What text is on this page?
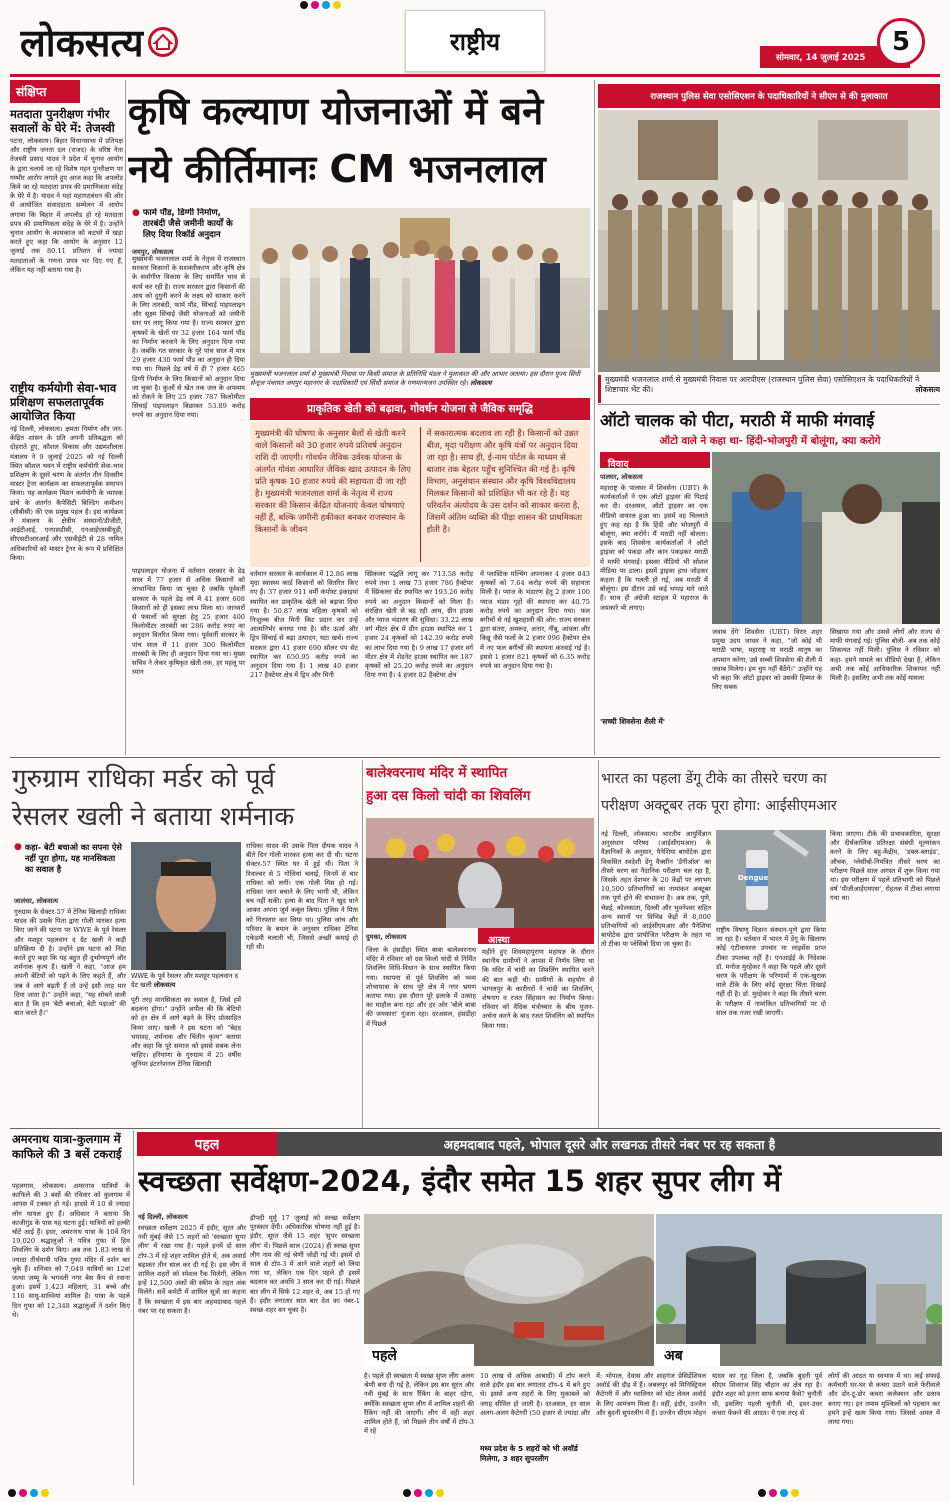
लोकसत्य	राष्ट्रीय
सोमवार, 14 जुलाई 2025
5
संक्षिप्त
मतदाता पुनरीक्षण गंभीर सवालों के घेरे में: तेजस्वी
पटना, लोकसत्य। बिहार विधानसभा में प्रतिपक्ष और राष्ट्रीय जनता दल (राजद) के वरिष्ठ नेता तेजस्वी प्रसाद यादव ने प्रदेश में चुनाव आयोग के द्वारा चलाये जा रहे विशेष गहन पुनरीक्षण पर गम्भीर आरोप लगाते हुए आज कहा कि अपलोड किये जा रहे मतदाता प्रपत्र की प्रमाणिकता संदेह के घेरे में है। यादव ने यहां महागठबंधन की ओर से आयोजित संवाददाता सम्मेलन में आरोप लगाया कि बिहार में अपलोड हो रहे मतदाता प्रपत्र की प्रमाणिकता संदेह के घेरे में है। उन्होंने चुनाव आयोग के कामकाज को कटघरे में खड़ा करते हुए कहा कि आयोग के अनुसार 12 जुलाई तक 80.11 प्रतिशत से ज्यादा मतदाताओं के गणना प्रपत्र भर दिए गए हैं, लेकिन यह नहीं बताया गया है।
राष्ट्रीय कर्मयोगी सेवा-भाव प्रशिक्षण सफलतापूर्वक आयोजित किया
नई दिल्ली, लोकसत्य। क्षमता निर्माण और जन-केंद्रित शासन के प्रति अपनी प्रतिबद्धता को दोहराते हुए, कौशल विकास और उद्यमशीलता मंत्रालय ने 9 जुलाई 2025 को नई दिल्ली स्थित कौशल भवन में राष्ट्रीय कर्मयोगी सेवा-भाव प्रशिक्षण के दूसरे चरण के अंतर्गत तीन दिवसीय मास्टर ट्रेनर कार्यक्रम का सफलतापूर्वक समापन किया। यह कार्यक्रम मिशन कर्मयोगी के व्यापक ढांचे के अंतर्गत कैपेसिटी बिल्डिंग कमीशन (सीबीसी) की एक प्रमुख पहल है। इस कार्यक्रम ने मंत्रालय के क्षेत्रीय संस्थानों/डीजीटी, आईटीआई, एनएसडीसी, एनआईएसबीयूडी, सीएसटीआरआई और एसवीईटी से 28 नामित अधिकारियों को मास्टर ट्रेनर के रूप में प्रशिक्षित किया।
कृषि कल्याण योजनाओं में बने
नये कीर्तिमानः CM भजनलाल
● फार्म पौंड, डिग्गी निर्माण, तारबंदी जैसे जमीनी कार्यों के लिए दिया रिकॉर्ड अनुदान
जयपुर, लोकसत्य
मुख्यमंत्री भजनलाल शर्मा से मुख्यमंत्री निवास पर किसी समाज के प्रतिनिधि मंडल ने मुलाकात की और आभार जताया। इस दौरान पूज्य सिंधी सेन्ट्रल पंचायत जयपुर महानगर के पदाधिकारी एवं सिंधी समाज के गणमान्यजन उपस्थित रहे। लोकसत्य
मुख्यमंत्री भजनलाल शर्मा के नेतृत्व में राजस्थान सरकार किसानों के सशक्तीकरण और कृषि क्षेत्र के सर्वांगीण विकास के लिए समर्पित भाव से कार्य कर रही है। राज्य सरकार द्वारा किसानों की आय को दुगुनी करने के लक्ष्य को साकार करने के लिए तारबंदी, फार्म पौंड, सिंचाई पाइपलाइन और सूक्ष्म सिंचाई जैसी योजनाओं को जमीनी स्तर पर लागू किया गया है। राज्य सरकार द्वारा कृषकों के खेतों पर 32 हजार 164 फार्म पौंड का निर्माण करवाने के लिए अनुदान दिया गया है। जबकि गत सरकार के पूरे पांच साल में मात्र 29 हजार 430 फार्म पौंड का अनुदान ही दिया गया था। पिछले डेढ़ वर्ष में ही 7 हजार 465 डिग्गी निर्माण के लिए किसानों को अनुदान दिया जा चुका है। कुओं से खेत तक जल के अपव्यय को रोकने के लिए 25 हजार 787 किलोमीटर सिंचाई पाइपलाइन बिछाकर 53.89 करोड़ रुपये का अनुदान दिया गया।
पाइपलाइन योजना में वर्तमान सरकार के डेढ़ साल में 77 हजार से अधिक किसानों को लाभान्वित किया जा चुका है जबकि पूर्ववर्ती सरकार के पहले डेढ़ वर्ष में 41 हजार 608 किसानों को ही इसका लाभ मिला था। जानवरों से फसलों को सुरक्षा हेतु 25 हजार 400 किलोमीटर तारबंदी का 286 करोड़ रुपए का अनुदान वितरित किया गया। पूर्ववर्ती सरकार के पांच साल में 11 हजार 300 किलोमीटर तारबंदी के लिए ही अनुदान दिया गया था। मुख्य सचिव ने लेकर कृषिकृत खेती तक, हर पहलू पर ध्यान
प्राकृतिक खेती को बढ़ावा, गोवर्धन योजना से जैविक समृद्धि
मुख्यमंत्री की घोषणा के अनुसार बैलों से खेती करने वाले किसानों को 30 हजार रुपये प्रतिवर्ष अनुदान राशि दी जाएगी। गोवर्धन जैविक उर्वरक योजना के अंतर्गत गोवंश आधारित जैविक खाद उत्पादन के लिए प्रति कृषक 10 हजार रुपये की सहायता दी जा रही है। मुख्यमंत्री भजनलाल शर्मा के नेतृत्व में राज्य सरकार की किसान केंद्रित योजनाएं केवल घोषणाएं नहीं हैं, बल्कि जमीनी हकीकत बनकर राजस्थान के किसानों के जीवन
में सकारात्मक बदलाव ला रही हैं। किसानों को उन्नत बीज, मृदा परीक्षण और कृषि यंत्रों पर अनुदान दिया जा रहा है। साथ ही, ई-नाम पोर्टल के माध्यम से बाजार तक बेहतर पहुँच सुनिश्चित की गई है। कृषि विभाग, अनुसंधान संस्थान और कृषि विश्वविद्यालय मिलकर किसानों को प्रशिक्षित भी कर रहे हैं। यह परिवर्तन अंत्योदय के उस दर्शन को साकार करता है, जिसमें अंतिम व्यक्ति की पीड़ा शासन की प्राथमिकता होती है।
वर्तमान सरकार के कार्यकाल में 12.86 लाख मृदा स्वास्थ्य कार्ड किसानों को वितरित किए गए हैं। 37 हजार 911 वर्मी कंपोस्ट इकाइयां स्थापित कर प्राकृतिक खेती को बढ़ावा दिया गया है। 50.87 लाख महिला कृषकों को निःशुल्क बीज मिनी किट प्रदान कर उन्हें आत्मनिर्भर बनाया गया है। सौर ऊर्जा और ड्रिप सिंचाई से बढ़ा उत्पादन, घटा खर्च। राज्य सरकार द्वारा 41 हजार 690 सोलर पंप सेट स्थापित कर 650.95 करोड़ रुपये का अनुदान दिया गया है। 1 लाख 40 हजार 217 हैक्टेयर क्षेत्र में ड्रिप और मिनी
स्प्रिंकलर पद्धति लागू कर 713.58 करोड़ रुपये तथा 1 लाख 73 हजार 786 हैक्टेयर में स्प्रिंकलर सेट स्थापित कर 193.26 करोड़ रुपये का अनुदान किसानों को मिला है। संरक्षित खेती से बढ़ रही आय, ग्रीन हाउस और प्याज भंडारण की सुविधा। 33.22 लाख वर्ग मीटर क्षेत्र में ग्रीन हाउस स्थापित कर 1 हजार 24 कृषकों को 142.39 करोड़ रुपये का लाभ दिया गया है। 9 लाख 17 हजार वर्ग मीटर क्षेत्र में शेडनेट हाउस स्थापित कर 187 कृषकों को 25.20 करोड़ रुपये का अनुदान दिया गया है। 4 हजार 82 हैक्टेयर क्षेत्र
में प्लास्टिक मल्चिंग अपनाकर 4 हजार 843 कृषकों को 7.64 करोड़ रुपये की सहायता मिली है। प्याज के भंडारण हेतु 2 हजार 100 प्याज भंडार गृहों की स्थापना कर 40.75 करोड़ रुपये का अनुदान दिया गया। फल बगीचों से नई खुशहाली की ओर: राज्य सरकार द्वारा संतरा, अमरूद, अनार, नींबू, आंवला और किन्नू जैसे फलों के 2 हजार 996 हैक्टेयर क्षेत्र में नए फल बगीचों की स्थापना करवाई गई है। इससे 1 हजार 821 कृषकों को 6.35 करोड़ रुपये का अनुदान दिया गया है।
राजस्थान पुलिस सेवा एसोसिएशन के पदाधिकारियों ने सीएम से की मुलाकात
मुख्यमंत्री भजनलाल शर्मा से मुख्यमंत्री निवास पर आरपीएस (राजस्थान पुलिस सेवा) एसोसिएशन के पदाधिकारियों ने शिष्टाचार भेंट की।	लोकसत्य
ऑटो चालक को पीटा, मराठी में माफी मंगवाई
ऑटो वाले ने कहा था- हिंदी-भोजपुरी में बोलूंगा, क्या करोगे
विवाद
पालघर, लोकसत्य
महाराष्ट्र के पालघर में शिवसेना (UBT) के कार्यकर्ताओं ने एक ऑटो ड्राइवर की पिटाई कर दी। दरअसल, ऑटो ड्राइवर का एक वीडियो वायरल हुआ था। इसमें वह चिल्लाते हुए कह रहा है कि हिंदी और भोजपुरी में बोलूंगा, क्या करोगे। मैं मराठी नहीं बोलता। इसके बाद शिवसेना कार्यकर्ताओं ने ऑटो ड्राइवर को पकड़ा और कान पकड़कर मराठी में माफी मंगवाई। इसका वीडियो भी सोशल मीडिया पर डाला। इसमें ड्राइवर हाथ जोड़कर कहता है कि गलती हो गई, अब मराठी में बोलूंगा। इस दौरान उसे कई थप्पड़ मारे जाते हैं। साथ ही अंग्रेजी स्टाइल में महाराज के जयकारे भी लगाए।
'सच्ची शिवसेना शैली में'
जवाब देंगे' शिवसेना (UBT) विरार शहर प्रमुख उदय जाधव ने कहा, "जो कोई भी मराठी भाषा, महाराष्ट्र या मराठी मानुष का अपमान करेगा, उसे सच्ची शिवसेना की शैली में जवाब मिलेगा। हम चुप नहीं बैठेंगे।" उन्होंने यह भी कहा कि ऑटो ड्राइवर को उसकी हिम्मत के लिए सबक
सिखाया गया और उससे लोगों और राज्य से माफी मंगवाई गई। पुलिस बोली- अब तक कोई शिकायत नहीं मिली। पुलिस ने रविवार को कहा- हमने मामले का वीडियो देखा है, लेकिन अभी तक कोई आधिकारिक शिकायत नहीं मिली है। इसलिए अभी तक कोई मामला
गुरुग्राम राधिका मर्डर को पूर्व
रेसलर खली ने बताया शर्मनाक
● कहा- बेटी बचाओ का सपना ऐसे नहीं पूरा होगा, यह मानसिकता का सवाल है
जालंधर, लोकसत्य
गुरुग्राम के सेक्टर-57 में टेनिस खिलाड़ी राधिका यादव की उसके पिता द्वारा गोली मारकर हत्या किए जाने की घटना पर WWE के पूर्व रेसलर और मशहूर पहलवान द ग्रेट खली ने कड़ी प्रतिक्रिया दी है। उन्होंने इस घटना को निंदा करते हुए कहा कि यह बहुत ही दुर्भाग्यपूर्ण और शर्मनाक कृत्य है। खली ने कहा, "आज हम अपनी बेटियों को पढ़ने के लिए कहते हैं, और जब वे आगे बढ़ती हैं तो उन्हें इसी तरह मार दिया जाता है।" उन्होंने कहा, "यह सोचने वाली बात है कि हम 'बेटी बचाओ, बेटी पढ़ाओ' की बात करते हैं।"
WWE के पूर्व रेसलर और मशहूर पहलवान द ग्रेट खली लोकसत्य
पूरी तरह मानसिकता का सवाल है, जिसे हमें बदलना होगा।" उन्होंने अपील की कि बेटियों को हर क्षेत्र में आगे बढ़ने के लिए प्रोत्साहित किया जाए। खली ने इस घटना को "बेहद भयावह, शर्मनाक और चिंतीन कृत्य" बताया और कहा कि पूरे समाज को इससे सबक लेना चाहिए। हरियाणा के गुरुग्राम में 25 वर्षीय जूनियर इंटरनेशनल टेनिस खिलाड़ी
राधिका यादव की उसके पिता दीपक यादव ने बीते दिन गोली मारकर हत्या कर दी थी। घटना सेक्टर-57 स्थित घर में हुई थी। पिता ने रिवाल्वर से 5 गोलियां चलाईं, जिनमें से चार राधिका को लगीं। एक गोली मिस हो गई। राधिका जान बचाने के लिए भागी थी, लेकिन बच नहीं सकी। हत्या के बाद पिता ने खुद थाने आकर अपना जुर्म कबूल किया। पुलिस ने पिता को गिरफ्तार कर लिया था। पुलिस जांच और परिवार के बयान के अनुसार राधिका टेनिस एकेडमी चलाती थी, जिससे अच्छी कमाई हो रही थी।
बालेश्वरनाथ मंदिर में स्थापित
हुआ दस किलो चांदी का शिवलिंग
दुमका, लोकसत्य	आस्था
जिला के हंसडीहा स्थित बाबा बालेश्वरनाथ मंदिर में रविवार को दस किलो चांदी से निर्मित शिवलिंग विधि-विधान के साथ स्थापित किया गया। स्थापना से पूर्व शिवलिंग को भव्य शोभायात्रा के साथ पूरे क्षेत्र में नगर भ्रमण कराया गया। इस दौरान पूरे इलाके में उत्साह का माहौल बना रहा और हर ओर 'बोले बाबा की जयकारा' गूंजता रहा। दरअसल, हंसडीहा में पिछले
महीने हुए शिवमहापुराण महायज्ञ के दौरान स्थानीय ग्रामीणों ने आपस में निर्णय लिया था कि मंदिर में चांदी का शिवलिंग स्थापित करने की बात कही थी। ग्रामीणों के सहयोग से भागलपुर के कारीगरों ने चांदी का शिवलिंग, शेषनाग व रजत सिंहासन का निर्माण किया। रविवार को वैदिक मंत्रोच्चार के बीच पूजन-अर्चना करने के बाद रजत शिवलिंग को स्थापित किया गया।
भारत का पहला डेंगू टीके का तीसरे चरण का
परीक्षण अक्टूबर तक पूरा होगा: आईसीएमआर
नई दिल्ली, लोकसत्य। भारतीय आयुर्विज्ञान अनुसंधान परिषद (आईसीएमआर) के वैज्ञानिकों के अनुसार, पैनेशिया बायोटेक द्वारा विकसित स्वदेशी डेंगू वैक्सीन 'डेंगीऑल' का तीसरे चरण का नैदानिक परीक्षण चल रहा है, जिसके तहत देशभर के 20 केंद्रों पर लगभग 10,500 प्रतिभागियों का नामांकन अक्टूबर तक पूर्ण होने की संभावना है। अब तक, पुणे, चेन्नई, कोलकाता, दिल्ली और भुवनेश्वर सहित अन्य स्थानों पर विभिन्न केंद्रों में 8,000 प्रतिभागियों को आईसीएमआर और पैनेशिया बायोटेक द्वारा प्रायोजित परीक्षण के तहत या तो टीका या प्लेसिबो दिया जा चुका है।
Dengue
राष्ट्रीय विषाणु विज्ञान संस्थान-पुणे द्वारा किया जा रहा है। वर्तमान में भारत में डेंगू के खिलाफ कोई एंटीवायरल उपचार या लाइसेंस प्राप्त टीका उपलब्ध नहीं है। एनआईई के निदेशक डॉ. मनोज मुरहेकर ने कहा कि पहले और दूसरे चरण के परीक्षण के परिणामों में एक-खुराक वाले टीके के लिए कोई सुरक्षा चिंता दिखाई नहीं दी है। डॉ. मुरहेकर ने कहा कि तीसरे चरण के परीक्षण में नामांकित प्रतिभागियों पर दो साल तक नजर रखी जाएगी।
किया जाएगा। टीके की प्रभावकारिता, सुरक्षा और दीर्घकालिक प्रतिरक्षा संबंधी मूल्यांकन करने के लिए बहु-केंद्रीय, 'डबल-ब्लाइंड', औचक, प्लेसीबो-नियंत्रित तीसरे चरण का परीक्षण पिछले साल अगस्त में शुरू किया गया था। इस परीक्षण में पहले प्रतिभागी को पिछले वर्ष 'पीजीआईएमएस', रोहतक में टीका लगाया गया था।
अमरनाथ यात्रा-कुलगाम में काफिले की 3 बसें टकराई
पहलगाम, लोकसत्य। अमरनाथ यात्रियों के काफिले की 3 बसों की रविवार को कुलगाम में आपस में टक्कर हो गई। हादसे में 10 से ज्यादा लोग घायल हुए हैं। अधिकार ने बताया कि काजीगुंड के पास यह घटना हुई। यात्रियों को हल्की चोटें आई हैं। इधर, अमरनाथ यात्रा के 10वें दिन 19,020 श्रद्धालुओं ने पवित्र गुफा में हिम शिवलिंग के दर्शन किए। अब तक 1.83 लाख से ज्यादा तीर्थयात्री पवित्र गुफा मंदिर में दर्शन कर चुके हैं। शनिवार को 7,049 यात्रियों का 12वां जत्था जम्मू के भगवती नगर बेस कैंप से रवाना हुआ। इसमें 1,423 महिलाएं, 31 बच्चे और 116 साधु-साध्वियां शामिल हैं। यात्रा के पहले दिन गुफा को 12,348 श्रद्धालुओं ने दर्शन किए थे।
पहल	अहमदाबाद पहले, भोपाल दूसरे और लखनऊ तीसरे नंबर पर रह सकता है
स्वच्छता सर्वेक्षण-2024, इंदौर समेत 15 शहर सुपर लीग में
नई दिल्ली, लोकसत्य
स्वच्छता सर्वेक्षण 2025 में इंदौर, सूरत और नवी मुंबई जैसे 15 शहरों को 'स्वच्छता सुपर लीग' में रखा गया है। पहले इनमें दो साल टॉप-3 में रहे शहर शामिल होते थे, अब अवार्ड बढ़ाकर तीन साल कर दी गई है। इस लीग में शामिल शहरों को स्पेशल रैंक मिलेगी, लेकिन इन्हें 12,500 अंकों की स्कीम के तहत अंक मिलेंगे। सर्वे कमेटी में शामिल सूत्रों का कहना है कि स्वच्छता में इस बार अहमदाबाद पहले नंबर पर रह सकता है।
द्रौपदी मुर्मु 17 जुलाई को स्वच्छ सर्वेक्षण पुरस्कार देंगी। अधिकारिक घोषणा नहीं हुई है। इंदौर, सूरत जैसे 15 शहर 'सुपर स्वच्छता लीग' में। पिछले साल (2024) ही स्वच्छ सुपर लीग नाम की नई श्रेणी जोड़ी गई थी। इसमें दो साल से टॉप-3 में आने वाले शहरों को लिया गया था, लेकिन एक दिन पहले ही इसमें बदलाव कर अवधि 3 साल कर दी गई। पिछले बार लीग में सिर्फ 12 शहर थे, अब 15 हो गए हैं। इंदौर लगातार सात बार देश का नंबर-1 स्वच्छ शहर बन चुका है।
पहले	अब
है। पहले ही स्वच्छता में स्वच्छ सुपर लीग अलग श्रेणी बना दी गई है, लेकिन इस बार सूरत और नवी मुंबई के साथ रैंकिंग के बाहर रहेगा, क्योंकि स्वच्छता सुपर लीग में शामिल शहरों की रैंकिंग नहीं की जाएगी। लीग में वही शहर शामिल होते हैं, जो पिछले तीन वर्षों में टॉप-3 में रहे
10 लाख से अधिक आबादी) में टॉप करने वाले इंदौर इस बार लगातार टॉप-4 में बने हुए थे। इससे अन्य शहरों के लिए मुकाबले को जगह सीमित हो जाती है। दरअसल, हर साल अलग-अलग कैटेगरी (50 हजार से ज्यादा और
मध्य प्रदेश के 5 शहरों को भी अवॉर्ड मिलेगा, 3 शहर सुपरलीग
में: भोपाल, देवास और शाहगंज प्रेसिडेंशियल अवॉर्ड की दौड़ में हैं। जबलपुर को मिनिस्ट्रियल कैटेगरी में और ग्वालियर को स्टेट लेवल अवॉर्ड के लिए आमंत्रण मिला है। वहीं, इंदौर, उज्जैन और बुदनी सुपरलीग में हैं। उज्जैन सीएम मोहन
यादव का गृह जिला है, जबकि बुदनी पूर्व सीएम शिवराज सिंह चौहान का क्षेत्र रहा है। इंदौर शहर को इतना साफ बनाया कैसे? चुनौती थी, इसलिए पहली चुनौती थी, इधर-उधर कचरा फेंकने की आदत। ये एक तरह से
लोगों की आदत या स्वभाव में था। कई सफाई कर्मचारी घर-घर से कचरा उठाने वाले फेरीवाले और डोर-टू-डोर कचरा कलेक्शन और डलाव बनाए गए। इन तमाम मुश्किलों को पहचान कर हमने इन्हें खत्म किया गया। जिससे अमल में लाया गया।
